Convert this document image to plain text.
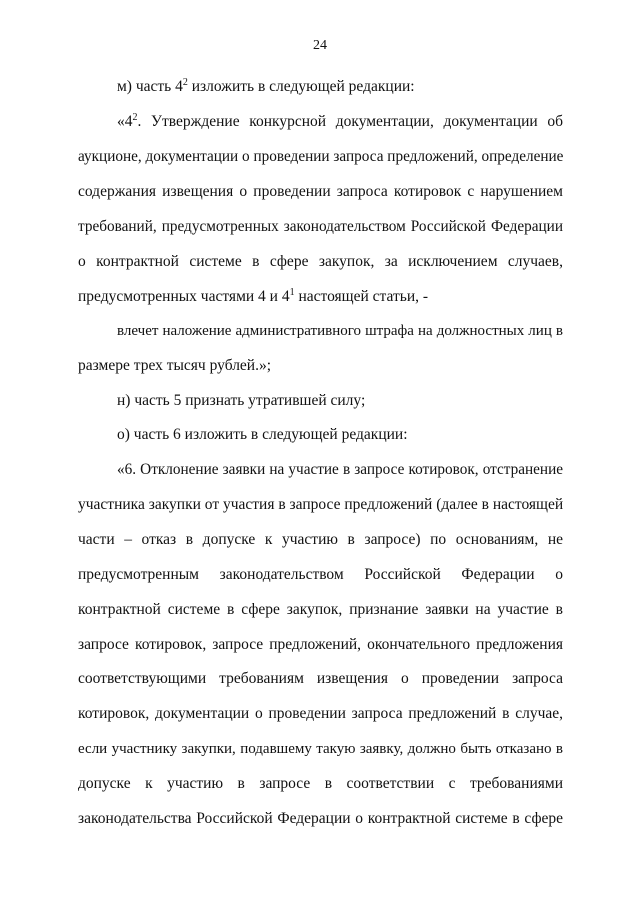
24
м) часть $4^2$ изложить в следующей редакции:
«$4^2$. Утверждение конкурсной документации, документации об
аукционе, документации о проведении запроса предложений, определение
содержания извещения о проведении запроса котировок с нарушением
требований, предусмотренных законодательством Российской Федерации
о контрактной системе в сфере закупок, за исключением случаев,
предусмотренных частями 4 и $4^1$ настоящей статьи, -
влечет наложение административного штрафа на должностных лиц в
размере трех тысяч рублей.»;
н) часть 5 признать утратившей силу;
о) часть 6 изложить в следующей редакции:
«6. Отклонение заявки на участие в запросе котировок, отстранение
участника закупки от участия в запросе предложений (далее в настоящей
части – отказ в допуске к участию в запросе) по основаниям, не
предусмотренным законодательством Российской Федерации о
контрактной системе в сфере закупок, признание заявки на участие в
запросе котировок, запросе предложений, окончательного предложения
соответствующими требованиям извещения о проведении запроса
котировок, документации о проведении запроса предложений в случае,
если участнику закупки, подавшему такую заявку, должно быть отказано в
допуске к участию в запросе в соответствии с требованиями
законодательства Российской Федерации о контрактной системе в сфере
